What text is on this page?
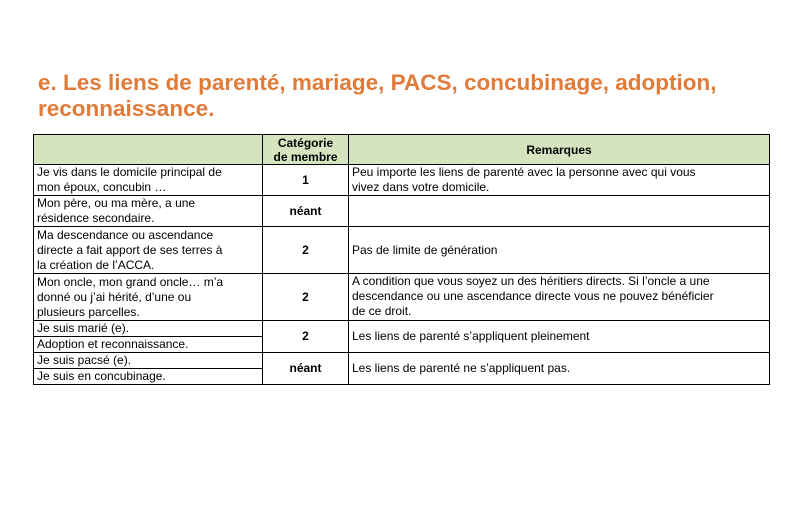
e. Les liens de parenté, mariage, PACS, concubinage, adoption,
reconnaissance.
	Catégorie
de membre	Remarques
Je vis dans le domicile principal de
mon époux, concubin …	1	Peu importe les liens de parenté avec la personne avec qui vous
vivez dans votre domicile.
Mon père, ou ma mère, a une
résidence secondaire.	néant	
Ma descendance ou ascendance
directe a fait apport de ses terres à
la création de l’ACCA.	2	Pas de limite de génération
Mon oncle, mon grand oncle… m’a
donné ou j’ai hérité, d’une ou
plusieurs parcelles.	2	A condition que vous soyez un des héritiers directs. Si l’oncle a une
descendance ou une ascendance directe vous ne pouvez bénéficier
de ce droit.
Je suis marié (e).	2	Les liens de parenté s’appliquent pleinement
Adoption et reconnaissance.		
Je suis pacsé (e).	néant	Les liens de parenté ne s’appliquent pas.
Je suis en concubinage.		
